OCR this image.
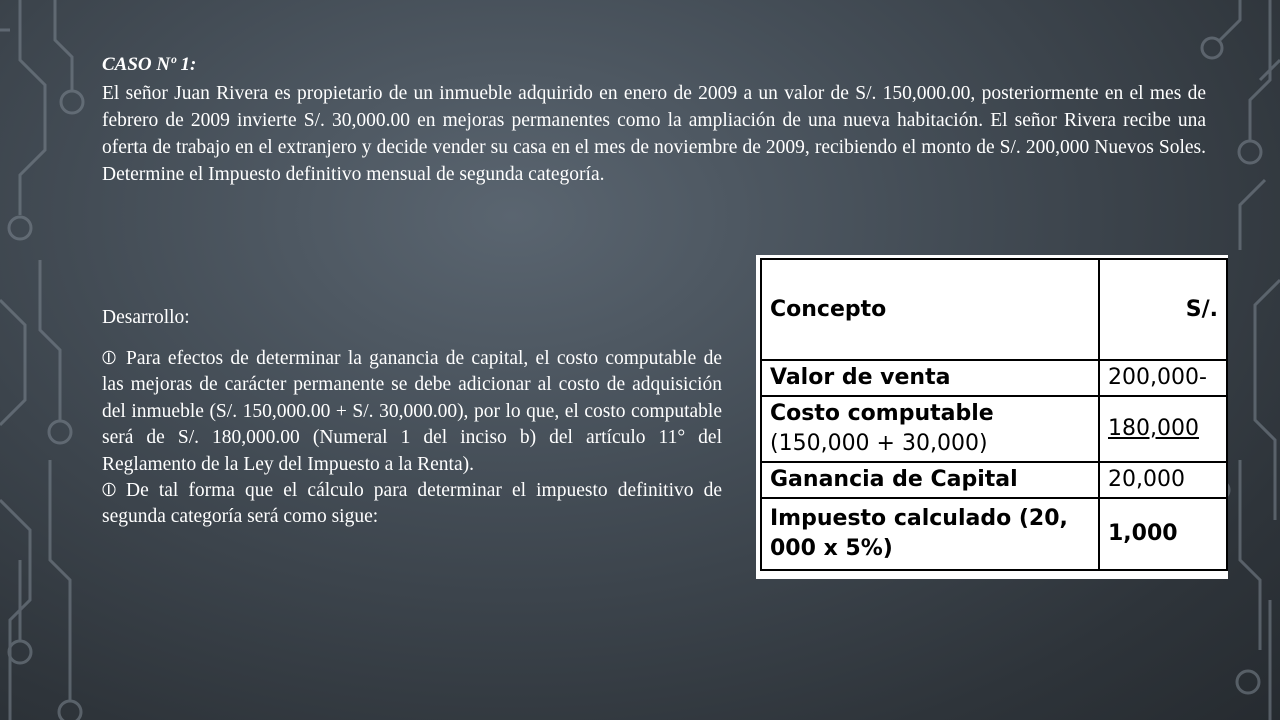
CASO Nº 1:
El señor Juan Rivera es propietario de un inmueble adquirido en enero de 2009 a un valor de S/. 150,000.00, posteriormente en el mes de febrero de 2009 invierte S/. 30,000.00 en mejoras permanentes como la ampliación de una nueva habitación. El señor Rivera recibe una oferta de trabajo en el extranjero y decide vender su casa en el mes de noviembre de 2009, recibiendo el monto de S/. 200,000 Nuevos Soles. Determine el Impuesto definitivo mensual de segunda categoría.
Desarrollo:
⦶ Para efectos de determinar la ganancia de capital, el costo computable de las mejoras de carácter permanente se debe adicionar al costo de adquisición del inmueble (S/. 150,000.00 + S/. 30,000.00), por lo que, el costo computable será de S/. 180,000.00 (Numeral 1 del inciso b) del artículo 11° del Reglamento de la Ley del Impuesto a la Renta).
⦶ De tal forma que el cálculo para determinar el impuesto definitivo de segunda categoría será como sigue:
Concepto	S/.
Valor de venta	200,000-

Costo computable
(150,000 + 30,000)	180,000
Ganancia de Capital	20,000
Impuesto calculado (20, 000 x 5%)	1,000
